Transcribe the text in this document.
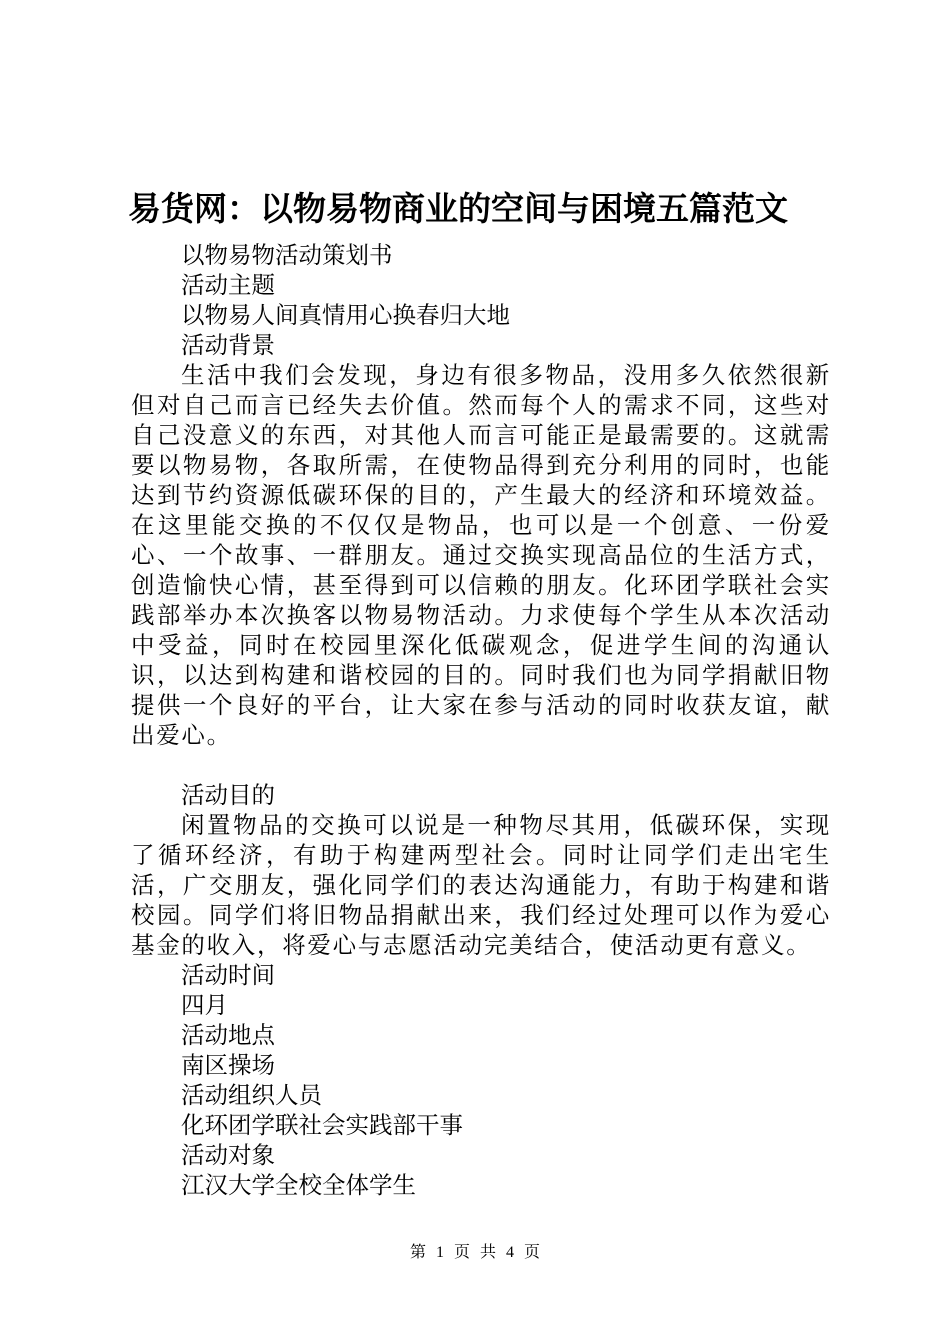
易货网：以物易物商业的空间与困境五篇范文
以物易物活动策划书
活动主题
以物易人间真情用心换春归大地
活动背景
生活中我们会发现，身边有很多物品，没用多久依然很新但对自己而言已经失去价值。然而每个人的需求不同，这些对自己没意义的东西，对其他人而言可能正是最需要的。这就需要以物易物，各取所需，在使物品得到充分利用的同时，也能达到节约资源低碳环保的目的，产生最大的经济和环境效益。在这里能交换的不仅仅是物品，也可以是一个创意、一份爱心、一个故事、一群朋友。通过交换实现高品位的生活方式，创造愉快心情，甚至得到可以信赖的朋友。化环团学联社会实践部举办本次换客以物易物活动。力求使每个学生从本次活动中受益，同时在校园里深化低碳观念，促进学生间的沟通认识，以达到构建和谐校园的目的。同时我们也为同学捐献旧物提供一个良好的平台，让大家在参与活动的同时收获友谊，献出爱心。
活动目的
闲置物品的交换可以说是一种物尽其用，低碳环保，实现了循环经济，有助于构建两型社会。同时让同学们走出宅生活，广交朋友，强化同学们的表达沟通能力，有助于构建和谐校园。同学们将旧物品捐献出来，我们经过处理可以作为爱心基金的收入，将爱心与志愿活动完美结合，使活动更有意义。
活动时间
四月
活动地点
南区操场
活动组织人员
化环团学联社会实践部干事
活动对象
江汉大学全校全体学生
第 1 页 共 4 页
